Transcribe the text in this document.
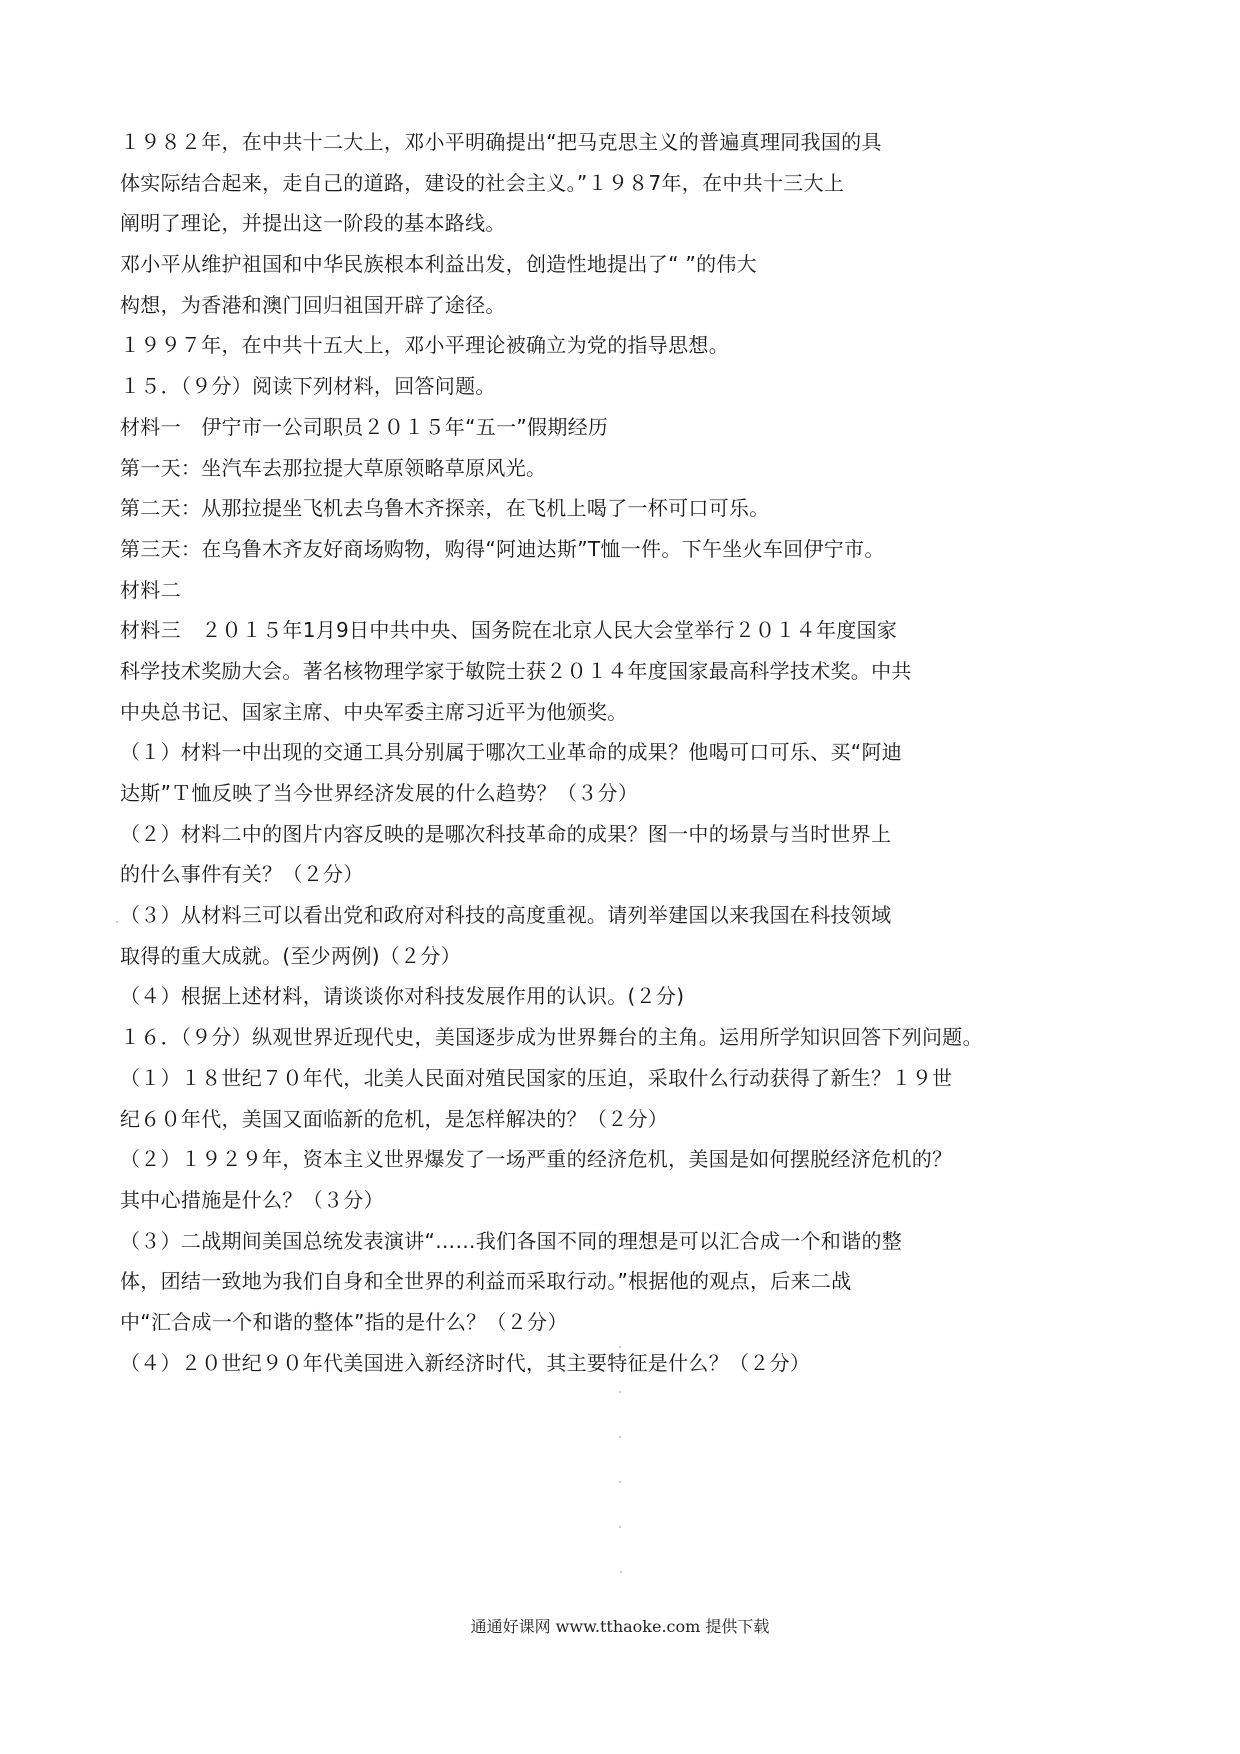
１９８２年，在中共十二大上，邓小平明确提出“把马克思主义的普遍真理同我国的具
体实际结合起来，走自己的道路，建设的社会主义。”１９８7年，在中共十三大上
阐明了理论，并提出这一阶段的基本路线。
邓小平从维护祖国和中华民族根本利益出发，创造性地提出了“ ”的伟大
构想，为香港和澳门回归祖国开辟了途径。
１９９７年，在中共十五大上，邓小平理论被确立为党的指导思想。
１５．（９分）阅读下列材料，回答问题。
材料一　伊宁市一公司职员２０１５年“五一”假期经历
第一天：坐汽车去那拉提大草原领略草原风光。
第二天：从那拉提坐飞机去乌鲁木齐探亲，在飞机上喝了一杯可口可乐。
第三天：在乌鲁木齐友好商场购物，购得“阿迪达斯”T恤一件。下午坐火车回伊宁市。
材料二
材料三　２０１５年1月9日中共中央、国务院在北京人民大会堂举行２０１４年度国家
科学技术奖励大会。著名核物理学家于敏院士获２０１４年度国家最高科学技术奖。中共
中央总书记、国家主席、中央军委主席习近平为他颁奖。
（１）材料一中出现的交通工具分别属于哪次工业革命的成果？他喝可口可乐、买“阿迪
达斯”Ｔ恤反映了当今世界经济发展的什么趋势？（３分）
（２）材料二中的图片内容反映的是哪次科技革命的成果？图一中的场景与当时世界上
的什么事件有关？（２分）
（３）从材料三可以看出党和政府对科技的高度重视。请列举建国以来我国在科技领域
取得的重大成就。(至少两例)（２分）
（４）根据上述材料，请谈谈你对科技发展作用的认识。(２分)
１６．（９分）纵观世界近现代史，美国逐步成为世界舞台的主角。运用所学知识回答下列问题。
（１）１８世纪７０年代，北美人民面对殖民国家的压迫，采取什么行动获得了新生？１９世
纪６０年代，美国又面临新的危机，是怎样解决的？（２分）
（２）１９２９年，资本主义世界爆发了一场严重的经济危机，美国是如何摆脱经济危机的？
其中心措施是什么？（３分）
（３）二战期间美国总统发表演讲“……我们各国不同的理想是可以汇合成一个和谐的整
体，团结一致地为我们自身和全世界的利益而采取行动。”根据他的观点，后来二战
中“汇合成一个和谐的整体”指的是什么？（２分）
（４）２０世纪９０年代美国进入新经济时代，其主要特征是什么？（２分）
通通好课网 www.tthaoke.com 提供下载
